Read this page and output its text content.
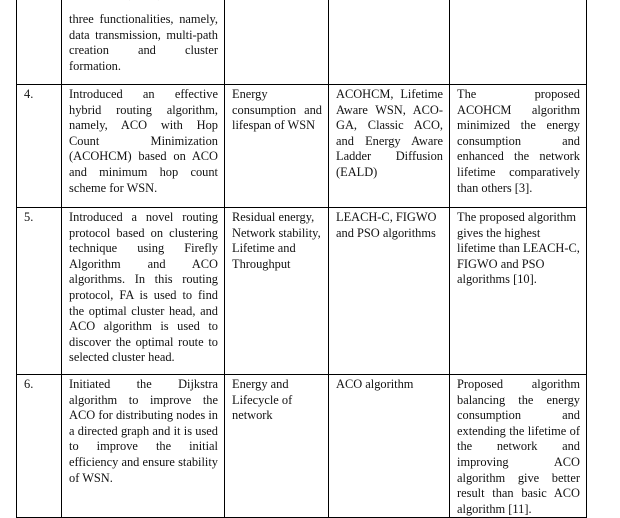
	three functionalities, namely, data transmission, multi-path creation and cluster formation.			

4.	Introduced an effective hybrid routing algorithm, namely, ACO with Hop Count Minimization (ACOHCM) based on ACO and minimum hop count scheme for WSN.	Energy consumption and lifespan of WSN	ACOHCM, Lifetime Aware WSN, ACO-GA, Classic ACO, and Energy Aware Ladder Diffusion (EALD)	The proposed ACOHCM algorithm minimized the energy consumption and enhanced the network lifetime comparatively than others [3].

5.	Introduced a novel routing protocol based on clustering technique using Firefly Algorithm and ACO algorithms. In this routing protocol, FA is used to find the optimal cluster head, and ACO algorithm is used to discover the optimal route to selected cluster head.	Residual energy, Network stability, Lifetime and Throughput	LEACH-C, FIGWO and PSO algorithms	The proposed algorithm gives the highest lifetime than LEACH-C, FIGWO and PSO algorithms [10].

6.	Initiated the Dijkstra algorithm to improve the ACO for distributing nodes in a directed graph and it is used to improve the initial efficiency and ensure stability of WSN.	Energy and Lifecycle of network	ACO algorithm	Proposed algorithm balancing the energy consumption and extending the lifetime of the network and improving ACO algorithm give better result than basic ACO algorithm [11].
